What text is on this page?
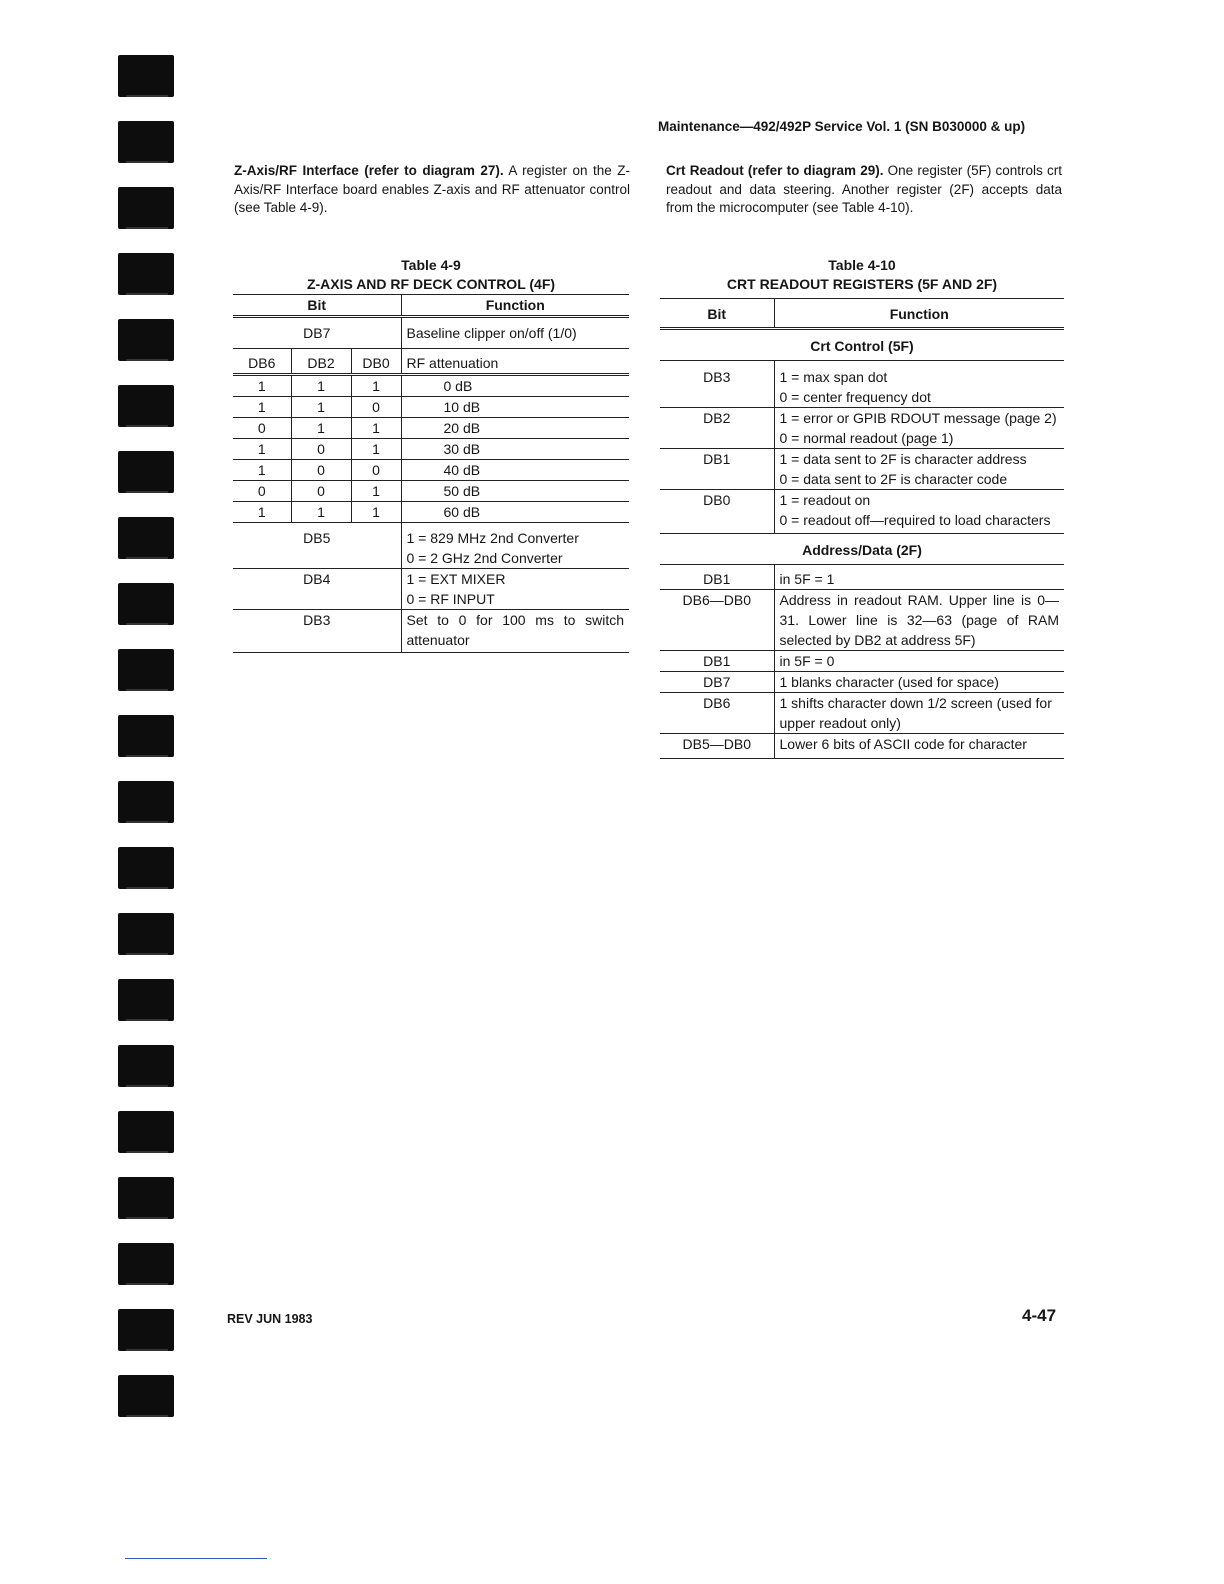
Maintenance—492/492P Service Vol. 1 (SN B030000 & up)
Z-Axis/RF Interface (refer to diagram 27). A register on the Z-Axis/RF Interface board enables Z-axis and RF attenuator control (see Table 4-9).
Crt Readout (refer to diagram 29). One register (5F) controls crt readout and data steering. Another register (2F) accepts data from the microcomputer (see Table 4-10).
Table 4-9
Z-AXIS AND RF DECK CONTROL (4F)
Bit			Function
DB7			Baseline clipper on/off (1/0)
DB6	DB2	DB0	RF attenuation
1	1	1	0 dB
1	1	0	10 dB
0	1	1	20 dB
1	0	1	30 dB
1	0	0	40 dB
0	0	1	50 dB
1	1	1	60 dB
DB5			1 = 829 MHz 2nd Converter
0 = 2 GHz 2nd Converter

DB4			1 = EXT MIXER
0 = RF INPUT

DB3			Set to 0 for 100 ms to switch attenuator
Table 4-10
CRT READOUT REGISTERS (5F AND 2F)
Bit	Function
Crt Control (5F)	
DB3	1 = max span dot
0 = center frequency dot

DB2	1 = error or GPIB RDOUT message (page 2)
0 = normal readout (page 1)

DB1	1 = data sent to 2F is character address
0 = data sent to 2F is character code

DB0	1 = readout on
0 = readout off—required to load characters

Address/Data (2F)	
DB1	in 5F = 1
DB6—DB0	Address in readout RAM. Upper line is 0—31. Lower line is 32—63 (page of RAM selected by DB2 at address 5F)
DB1	in 5F = 0
DB7	1 blanks character (used for space)
DB6	1 shifts character down 1/2 screen (used for upper readout only)
DB5—DB0	Lower 6 bits of ASCII code for character
REV JUN 1983	4-47
